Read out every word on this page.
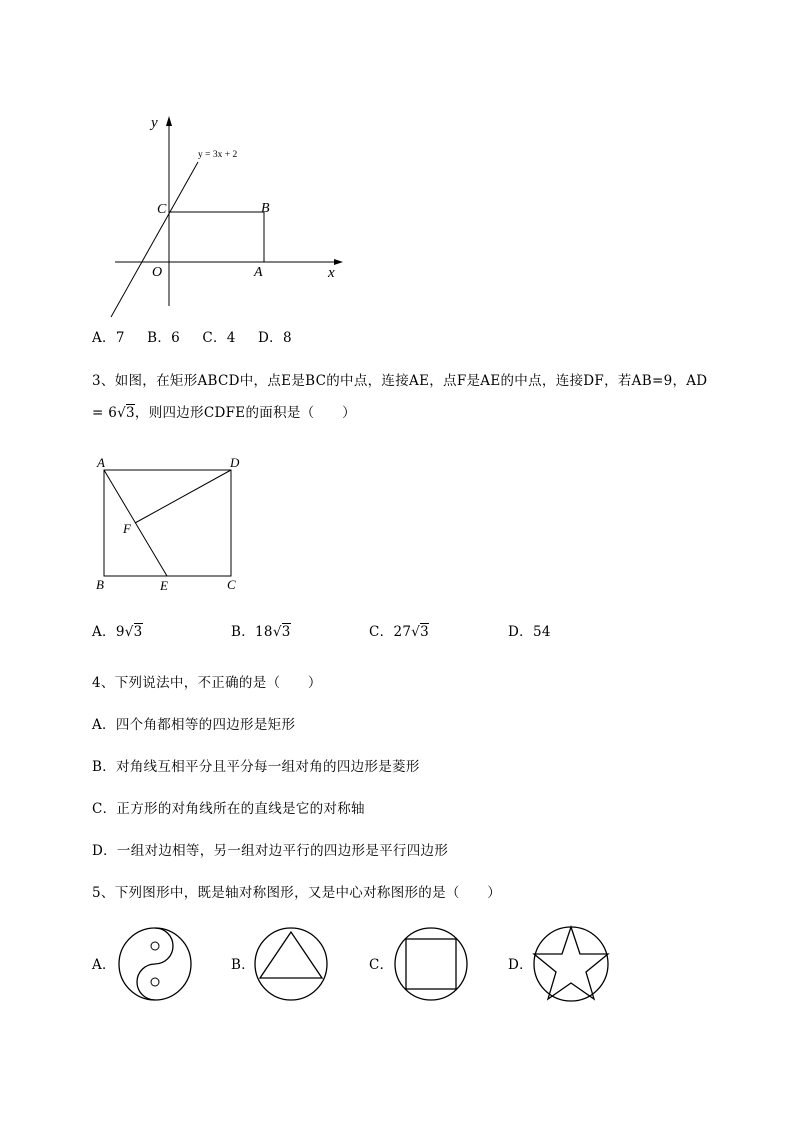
y
x
y = 3x + 2
C	B
O	A
A．7    B．6    C．4    D．8
3、如图，在矩形ABCD中，点E是BC的中点，连接AE，点F是AE的中点，连接DF，若AB=9，AD
= 6√3，则四边形CDFE的面积是（　　）
A	D
F
B	E	C
A．9√3	B．18√3	C．27√3	D．54
4、下列说法中，不正确的是（　　）
A．四个角都相等的四边形是矩形
B．对角线互相平分且平分每一组对角的四边形是菱形
C．正方形的对角线所在的直线是它的对称轴
D．一组对边相等，另一组对边平行的四边形是平行四边形
5、下列图形中，既是轴对称图形，又是中心对称图形的是（　　）
A．	B．	C．	D．
